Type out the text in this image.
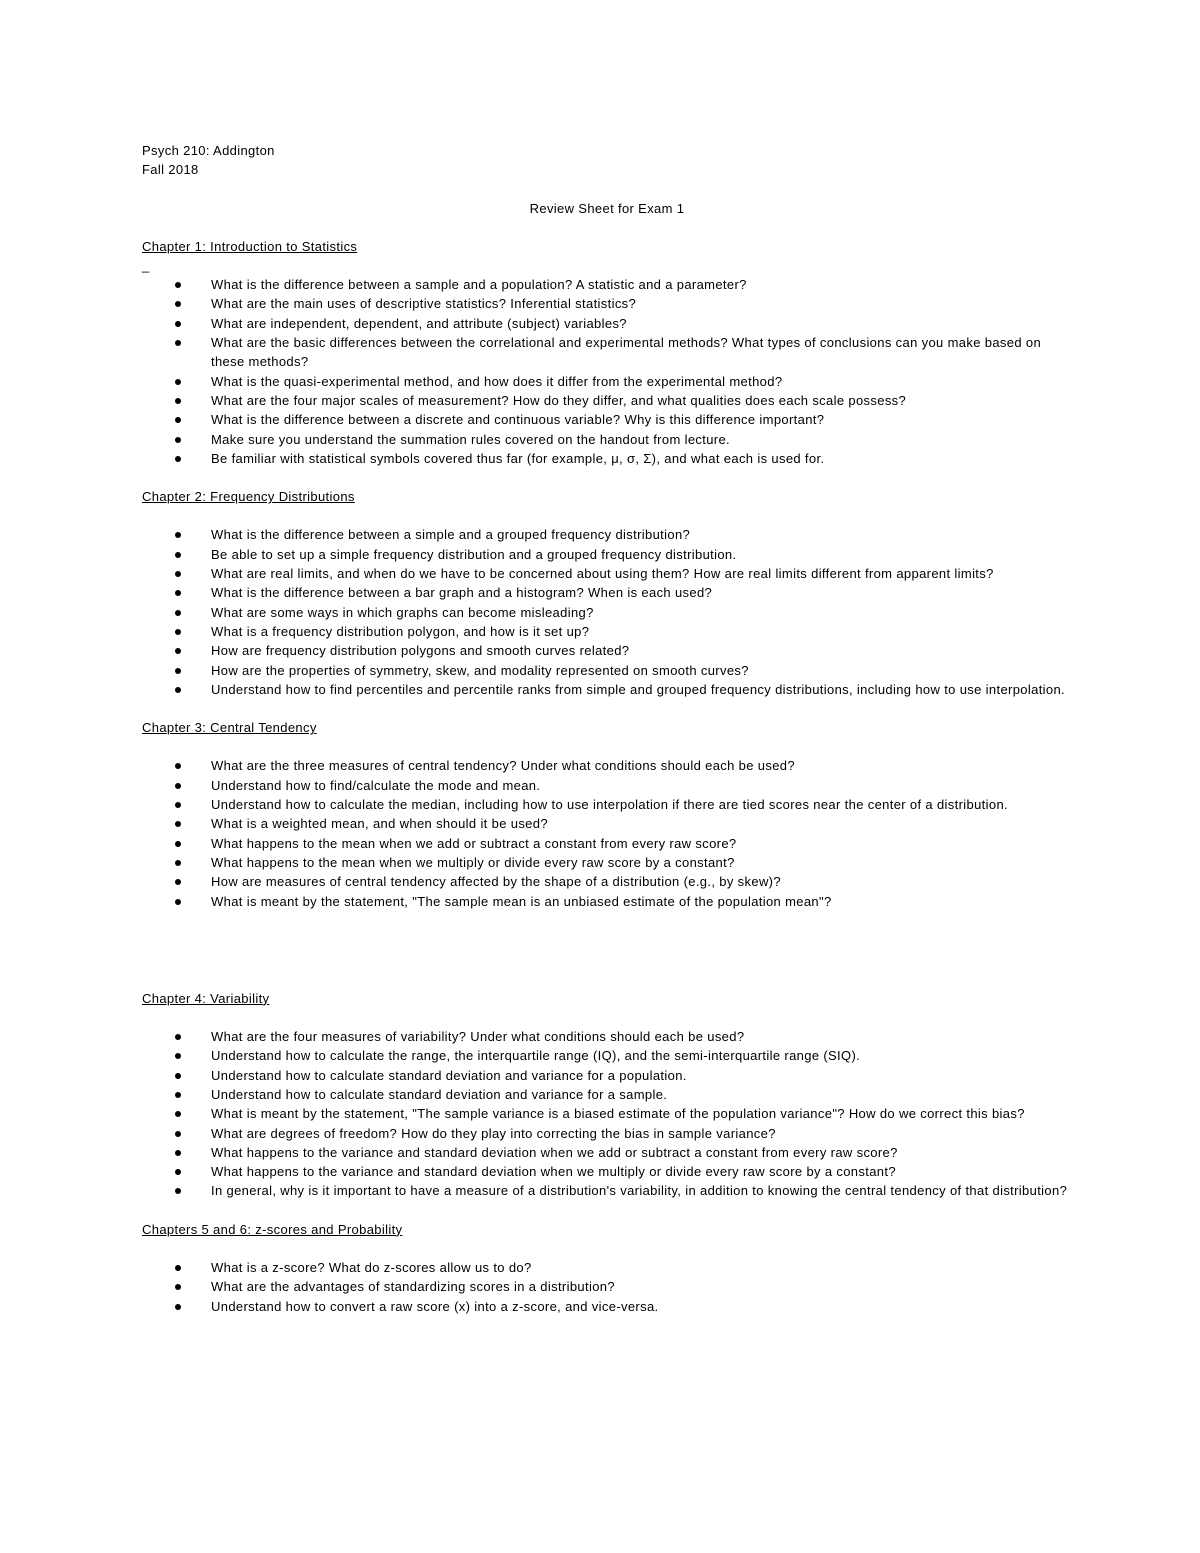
Psych 210: Addington
Fall 2018
Review Sheet for Exam 1
Chapter 1: Introduction to Statistics
_
What is the difference between a sample and a population? A statistic and a parameter?
What are the main uses of descriptive statistics? Inferential statistics?
What are independent, dependent, and attribute (subject) variables?
What are the basic differences between the correlational and experimental methods? What types of conclusions can you make based on these methods?
What is the quasi-experimental method, and how does it differ from the experimental method?
What are the four major scales of measurement? How do they differ, and what qualities does each scale possess?
What is the difference between a discrete and continuous variable? Why is this difference important?
Make sure you understand the summation rules covered on the handout from lecture.
Be familiar with statistical symbols covered thus far (for example, μ, σ, Σ), and what each is used for.
Chapter 2: Frequency Distributions
What is the difference between a simple and a grouped frequency distribution?
Be able to set up a simple frequency distribution and a grouped frequency distribution.
What are real limits, and when do we have to be concerned about using them? How are real limits different from apparent limits?
What is the difference between a bar graph and a histogram? When is each used?
What are some ways in which graphs can become misleading?
What is a frequency distribution polygon, and how is it set up?
How are frequency distribution polygons and smooth curves related?
How are the properties of symmetry, skew, and modality represented on smooth curves?
Understand how to find percentiles and percentile ranks from simple and grouped frequency distributions, including how to use interpolation.
Chapter 3: Central Tendency
What are the three measures of central tendency? Under what conditions should each be used?
Understand how to find/calculate the mode and mean.
Understand how to calculate the median, including how to use interpolation if there are tied scores near the center of a distribution.
What is a weighted mean, and when should it be used?
What happens to the mean when we add or subtract a constant from every raw score?
What happens to the mean when we multiply or divide every raw score by a constant?
How are measures of central tendency affected by the shape of a distribution (e.g., by skew)?
What is meant by the statement, "The sample mean is an unbiased estimate of the population mean"?
Chapter 4: Variability
What are the four measures of variability? Under what conditions should each be used?
Understand how to calculate the range, the interquartile range (IQ), and the semi-interquartile range (SIQ).
Understand how to calculate standard deviation and variance for a population.
Understand how to calculate standard deviation and variance for a sample.
What is meant by the statement, "The sample variance is a biased estimate of the population variance"? How do we correct this bias?
What are degrees of freedom? How do they play into correcting the bias in sample variance?
What happens to the variance and standard deviation when we add or subtract a constant from every raw score?
What happens to the variance and standard deviation when we multiply or divide every raw score by a constant?
In general, why is it important to have a measure of a distribution's variability, in addition to knowing the central tendency of that distribution?
Chapters 5 and 6: z-scores and Probability
What is a z-score? What do z-scores allow us to do?
What are the advantages of standardizing scores in a distribution?
Understand how to convert a raw score (x) into a z-score, and vice-versa.
